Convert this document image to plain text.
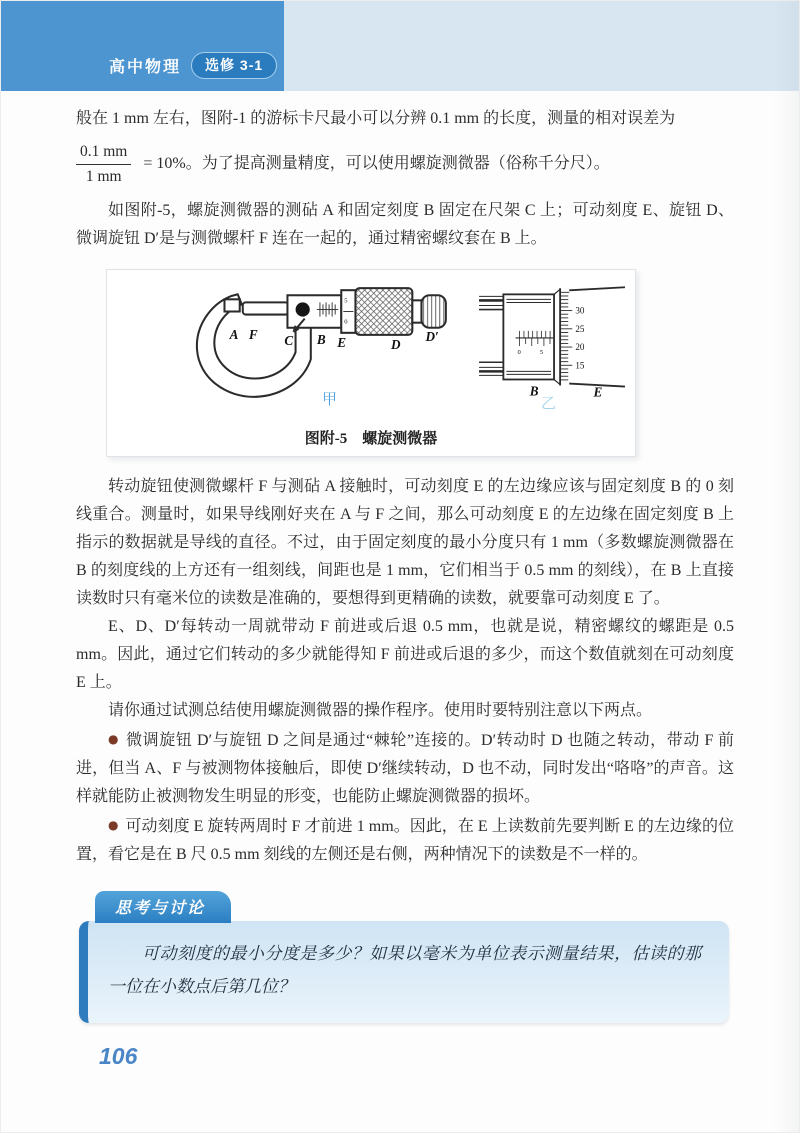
高中物理	选修 3-1

般在 1 mm 左右，图附-1 的游标卡尺最小可以分辨 0.1 mm 的长度，测量的相对误差为

$\frac{0.1 mm}{1 mm} = 10\%$。为了提高测量精度，可以使用螺旋测微器（俗称千分尺）。

如图附-5，螺旋测微器的测砧 A 和固定刻度 B 固定在尺架 C 上；可动刻度 E、旋钮 D、微调旋钮 D′是与测微螺杆 F 连在一起的，通过精密螺纹套在 B 上。

5
0
A F C B E	D
D′
0	5
30
25
20
15
B	E
甲	乙
图附-5　螺旋测微器

转动旋钮使测微螺杆 F 与测砧 A 接触时，可动刻度 E 的左边缘应该与固定刻度 B 的 0 刻线重合。测量时，如果导线刚好夹在 A 与 F 之间，那么可动刻度 E 的左边缘在固定刻度 B 上指示的数据就是导线的直径。不过，由于固定刻度的最小分度只有 1 mm（多数螺旋测微器在 B 的刻度线的上方还有一组刻线，间距也是 1 mm，它们相当于 0.5 mm 的刻线），在 B 上直接读数时只有毫米位的读数是准确的，要想得到更精确的读数，就要靠可动刻度 E 了。

E、D、D′每转动一周就带动 F 前进或后退 0.5 mm，也就是说，精密螺纹的螺距是 0.5 mm。因此，通过它们转动的多少就能得知 F 前进或后退的多少，而这个数值就刻在可动刻度 E 上。

请你通过试测总结使用螺旋测微器的操作程序。使用时要特别注意以下两点。

● 微调旋钮 D′与旋钮 D 之间是通过“棘轮”连接的。D′转动时 D 也随之转动，带动 F 前进，但当 A、F 与被测物体接触后，即使 D′继续转动，D 也不动，同时发出“咯咯”的声音。这样就能防止被测物发生明显的形变，也能防止螺旋测微器的损坏。

● 可动刻度 E 旋转两周时 F 才前进 1 mm。因此，在 E 上读数前先要判断 E 的左边缘的位置，看它是在 B 尺 0.5 mm 刻线的左侧还是右侧，两种情况下的读数是不一样的。

思考与讨论

可动刻度的最小分度是多少？如果以毫米为单位表示测量结果，估读的那一位在小数点后第几位？

106
